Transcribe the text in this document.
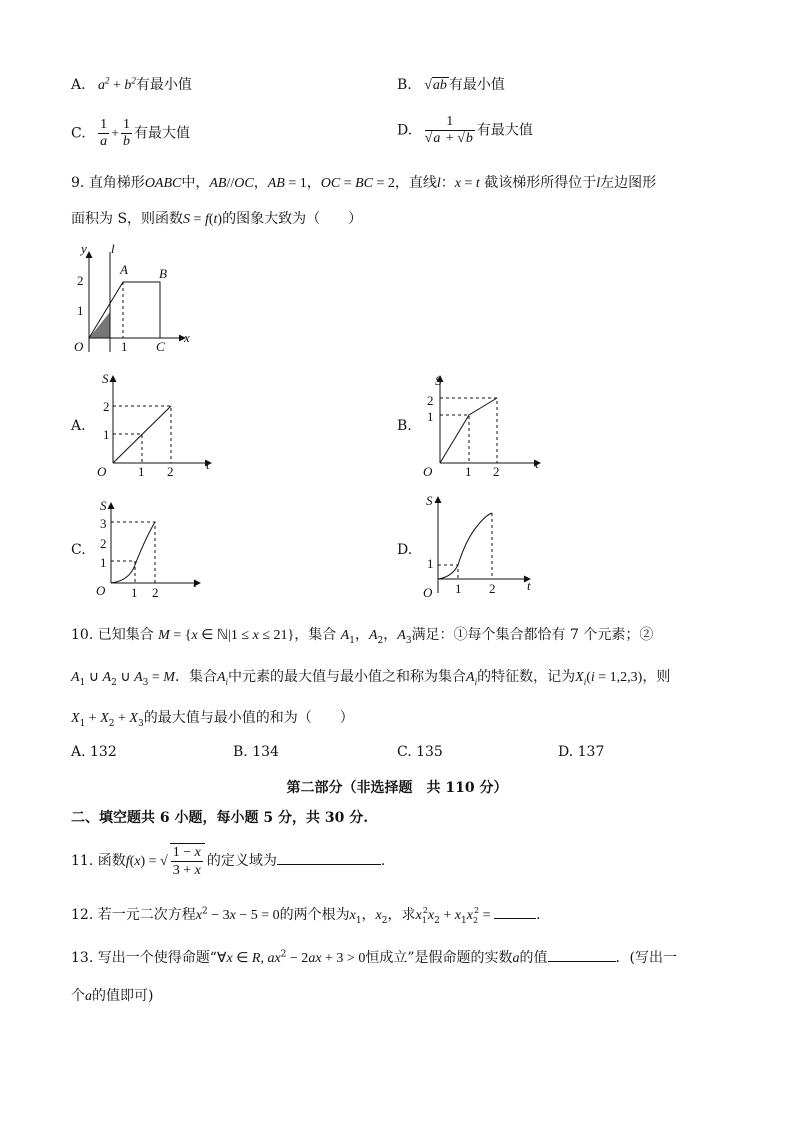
A. $a^2 + b^2$有最小值	B. √ab 有最小值
C. $\frac{1}{a} + \frac{1}{b}$ 有最大值	D. $\frac{1}{√a + √b}$ 有最大值
9. 直角梯形OABC中，AB//OC，AB = 1，OC = BC = 2，直线l：x = t 截该梯形所得位于l左边图形
面积为 S，则函数S = f(t)的图象大致为（　　）
y l
A B
2
1
O	1 C
x
A.
S
2
1
O 1 2	t
B.
S
2
1
O	1 2
t
C.
S
3
2
1
O 1 2
t
D.
S
1
O 1 2 t
10. 已知集合 M = {x ∈ ℕ|1 ≤ x ≤ 21}，集合 $A_1$，$A_2$，$A_3$满足：①每个集合都恰有 7 个元素；②
$A_1$ ∪ $A_2$ ∪ $A_3 = M$．集合$A_i$中元素的最大值与最小值之和称为集合$A_i$的特征数，记为$X_i(i = 1,2,3)$，则
$X_1 + X_2 + X_3$的最大值与最小值的和为（　　）
A. 132	B. 134	C. 135	D. 137
第二部分（非选择题　共 110 分）
二、填空题共 6 小题，每小题 5 分，共 30 分.
11. 函数f(x) = √ $\frac{1 - x}{3 + x}$ 的定义域为	.
12. 若一元二次方程$x^2 - 3x - 5 = 0$的两个根为$x_1$，$x_2$，求$x_1^2x_2 + x_1x_2^2$ =	.
13. 写出一个使得命题“∀x ∈ R, $ax^2 - 2ax + 3 > 0$恒成立”是假命题的实数a的值	．(写出一
个a的值即可)
